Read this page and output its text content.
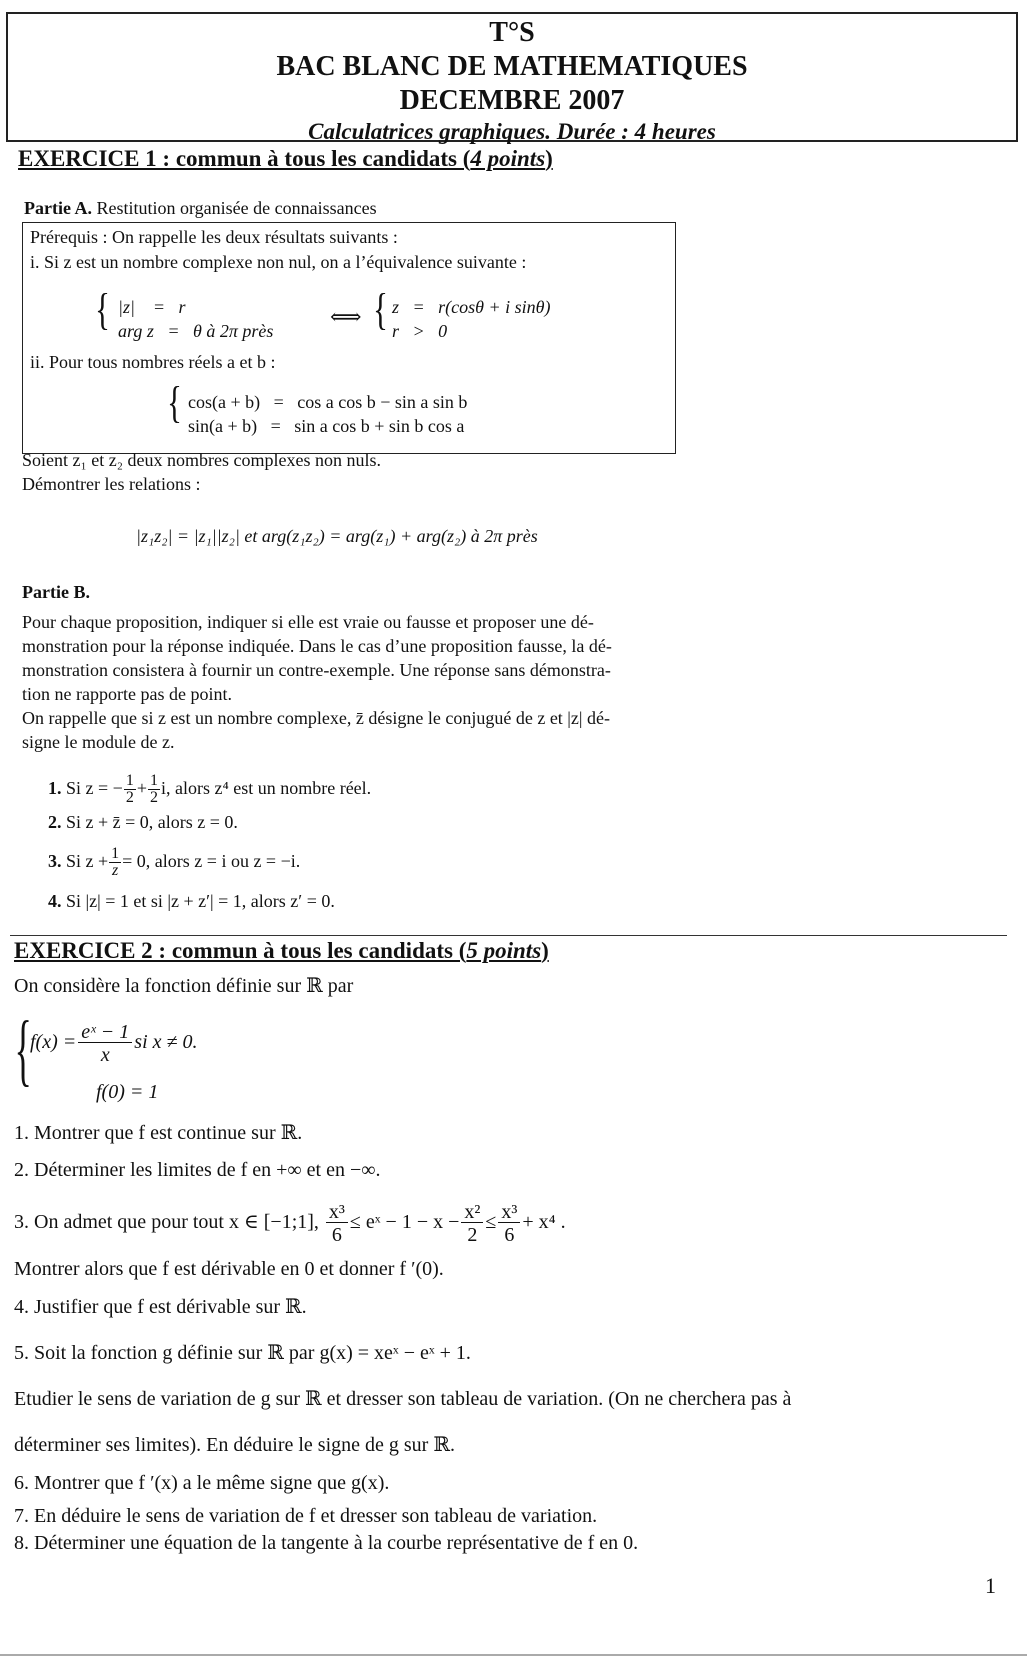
T°S
BAC BLANC DE MATHEMATIQUES
DECEMBRE 2007
Calculatrices graphiques. Durée : 4 heures
EXERCICE 1 : commun à tous les candidats (4 points)
Partie A. Restitution organisée de connaissances
Prérequis : On rappelle les deux résultats suivants :
i. Si z est un nombre complexe non nul, on a l’équivalence suivante :
{ |z|    =   r
arg z   =   θ à 2π près
⟺ { z   =   r(cosθ + i sinθ)
r   >   0
ii. Pour tous nombres réels a et b :
{ cos(a + b)   =   cos a cos b − sin a sin b
sin(a + b)   =   sin a cos b + sin b cos a
Soient z₁ et z₂ deux nombres complexes non nuls.
Démontrer les relations :
|z₁z₂| = |z₁||z₂| et arg(z₁z₂) = arg(z₁) + arg(z₂) à 2π près
Partie B.
Pour chaque proposition, indiquer si elle est vraie ou fausse et proposer une dé-
monstration pour la réponse indiquée. Dans le cas d’une proposition fausse, la dé-
monstration consistera à fournir un contre-exemple. Une réponse sans démonstra-
tion ne rapporte pas de point.
On rappelle que si z est un nombre complexe, z̄ désigne le conjugué de z et |z| dé-
signe le module de z.
1. Si z = − $\frac{1}{2} + \frac{1}{2} i$, alors z⁴ est un nombre réel.
2. Si z + z̄ = 0, alors z = 0.
3. Si $z + \frac{1}{z} = 0$, alors z = i ou z = −i.
4. Si |z| = 1 et si |z + z′| = 1, alors z′ = 0.
EXERCICE 2 : commun à tous les candidats (5 points)
On considère la fonction définie sur ℝ par
{
$f(x) = \frac{\text{eˣ − 1}}{x}$ si x ≠ 0.
f(0) = 1
1. Montrer que f est continue sur ℝ.
2. Déterminer les limites de f en +∞ et en −∞.
3. On admet que pour tout x ∈ [−1;1], $\frac{\text{x³}}{6}$ ≤ eˣ − $1 - x - \frac{\text{x²}}{2} \le \frac{\text{x³}}{6} + x^4$ .
Montrer alors que f est dérivable en 0 et donner f ′(0).
4. Justifier que f est dérivable sur ℝ.
5. Soit la fonction g définie sur ℝ par g(x) = xeˣ − eˣ + 1.
Etudier le sens de variation de g sur ℝ et dresser son tableau de variation. (On ne cherchera pas à
déterminer ses limites). En déduire le signe de g sur ℝ.
6. Montrer que f ′(x) a le même signe que g(x).
7. En déduire le sens de variation de f et dresser son tableau de variation.
8. Déterminer une équation de la tangente à la courbe représentative de f en 0.
1
